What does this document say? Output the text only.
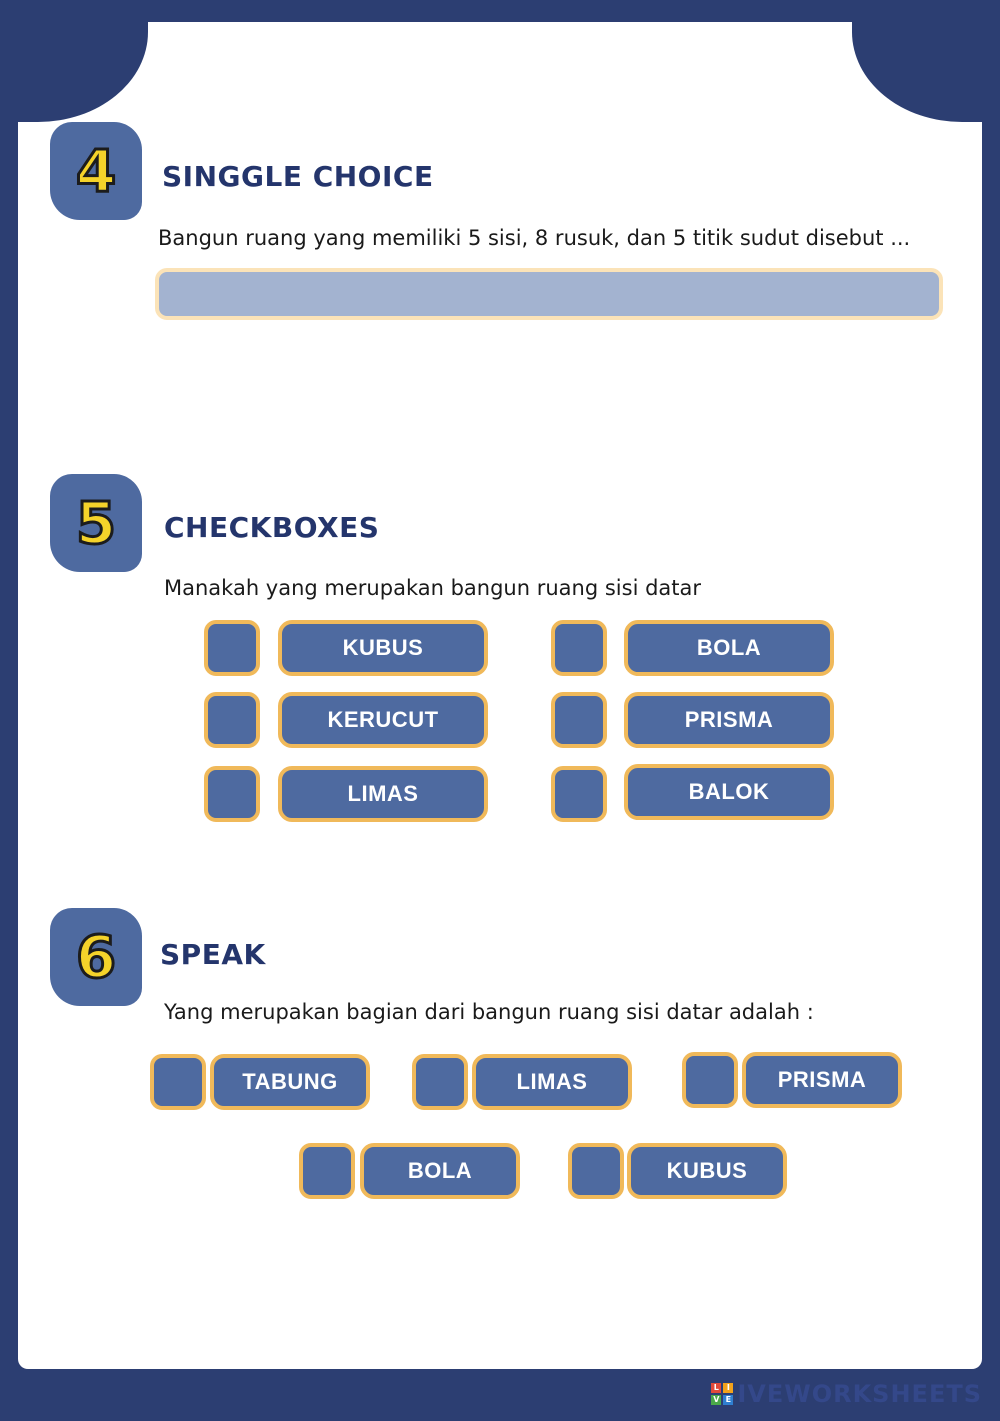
4 SINGGLE CHOICE
Bangun ruang yang memiliki 5 sisi, 8 rusuk, dan 5 titik sudut disebut ...
5 CHECKBOXES
Manakah yang merupakan bangun ruang sisi datar
KUBUS	BOLA
KERUCUT	PRISMA
LIMAS	BALOK
6 SPEAK
Yang merupakan bagian dari bangun ruang sisi datar adalah :
TABUNG	LIMAS	PRISMA
BOLA	KUBUS
L I
V E IVEWORKSHEETS
